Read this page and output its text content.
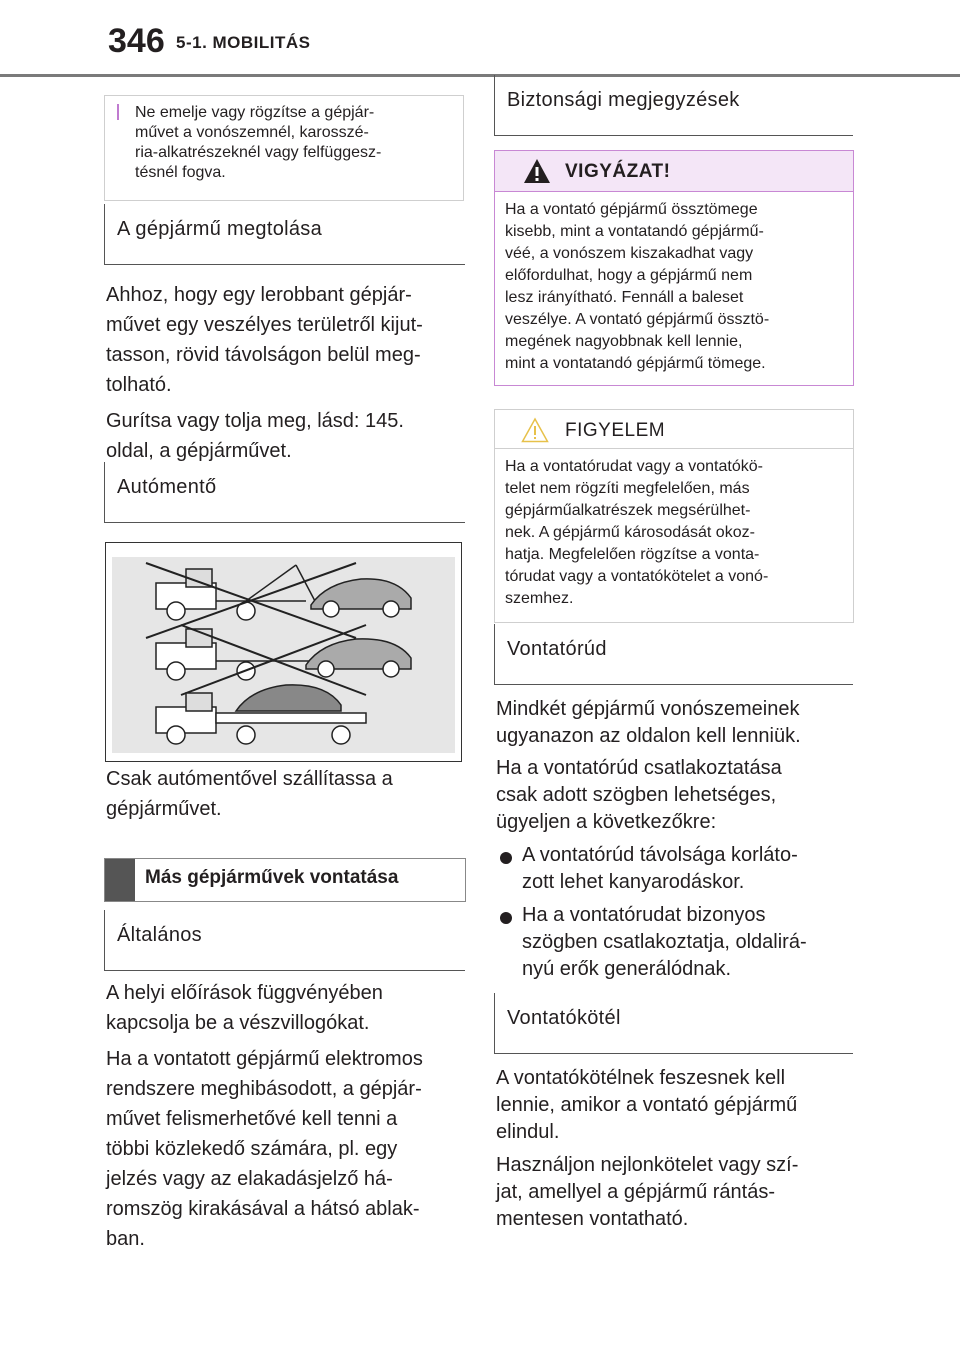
346 5-1. MOBILITÁS
Ne emelje vagy rögzítse a gépjár-
művet a vonószemnél, karosszé-
ria-alkatrészeknél vagy felfüggesz-
tésnél fogva.
A gépjármű megtolása
Ahhoz, hogy egy lerobbant gépjár-
művet egy veszélyes területről kijut-
tasson, rövid távolságon belül meg-
tolható.
Gurítsa vagy tolja meg, lásd: 145.
oldal, a gépjárművet.
Autómentő
Csak autómentővel szállítassa a
gépjárművet.
Más gépjárművek vontatása
Általános
A helyi előírások függvényében
kapcsolja be a vészvillogókat.
Ha a vontatott gépjármű elektromos
rendszere meghibásodott, a gépjár-
művet felismerhetővé kell tenni a
többi közlekedő számára, pl. egy
jelzés vagy az elakadásjelző há-
romszög kirakásával a hátsó ablak-
ban.
Biztonsági megjegyzések
VIGYÁZAT!
Ha a vontató gépjármű össztömege
kisebb, mint a vontatandó gépjármű-
véé, a vonószem kiszakadhat vagy
előfordulhat, hogy a gépjármű nem
lesz irányítható. Fennáll a baleset
veszélye. A vontató gépjármű össztö-
megének nagyobbnak kell lennie,
mint a vontatandó gépjármű tömege.
FIGYELEM
Ha a vontatórudat vagy a vontatókö-
telet nem rögzíti megfelelően, más
gépjárműalkatrészek megsérülhet-
nek. A gépjármű károsodását okoz-
hatja. Megfelelően rögzítse a vonta-
tórudat vagy a vontatókötelet a vonó-
szemhez.
Vontatórúd
Mindkét gépjármű vonószemeinek
ugyanazon az oldalon kell lenniük.
Ha a vontatórúd csatlakoztatása
csak adott szögben lehetséges,
ügyeljen a következőkre:

A vontatórúd távolsága korláto-
zott lehet kanyarodáskor.

Ha a vontatórudat bizonyos
szögben csatlakoztatja, oldalirá-
nyú erők generálódnak.

Vontatókötél
A vontatókötélnek feszesnek kell
lennie, amikor a vontató gépjármű
elindul.
Használjon nejlonkötelet vagy szí-
jat, amellyel a gépjármű rántás-
mentesen vontatható.
